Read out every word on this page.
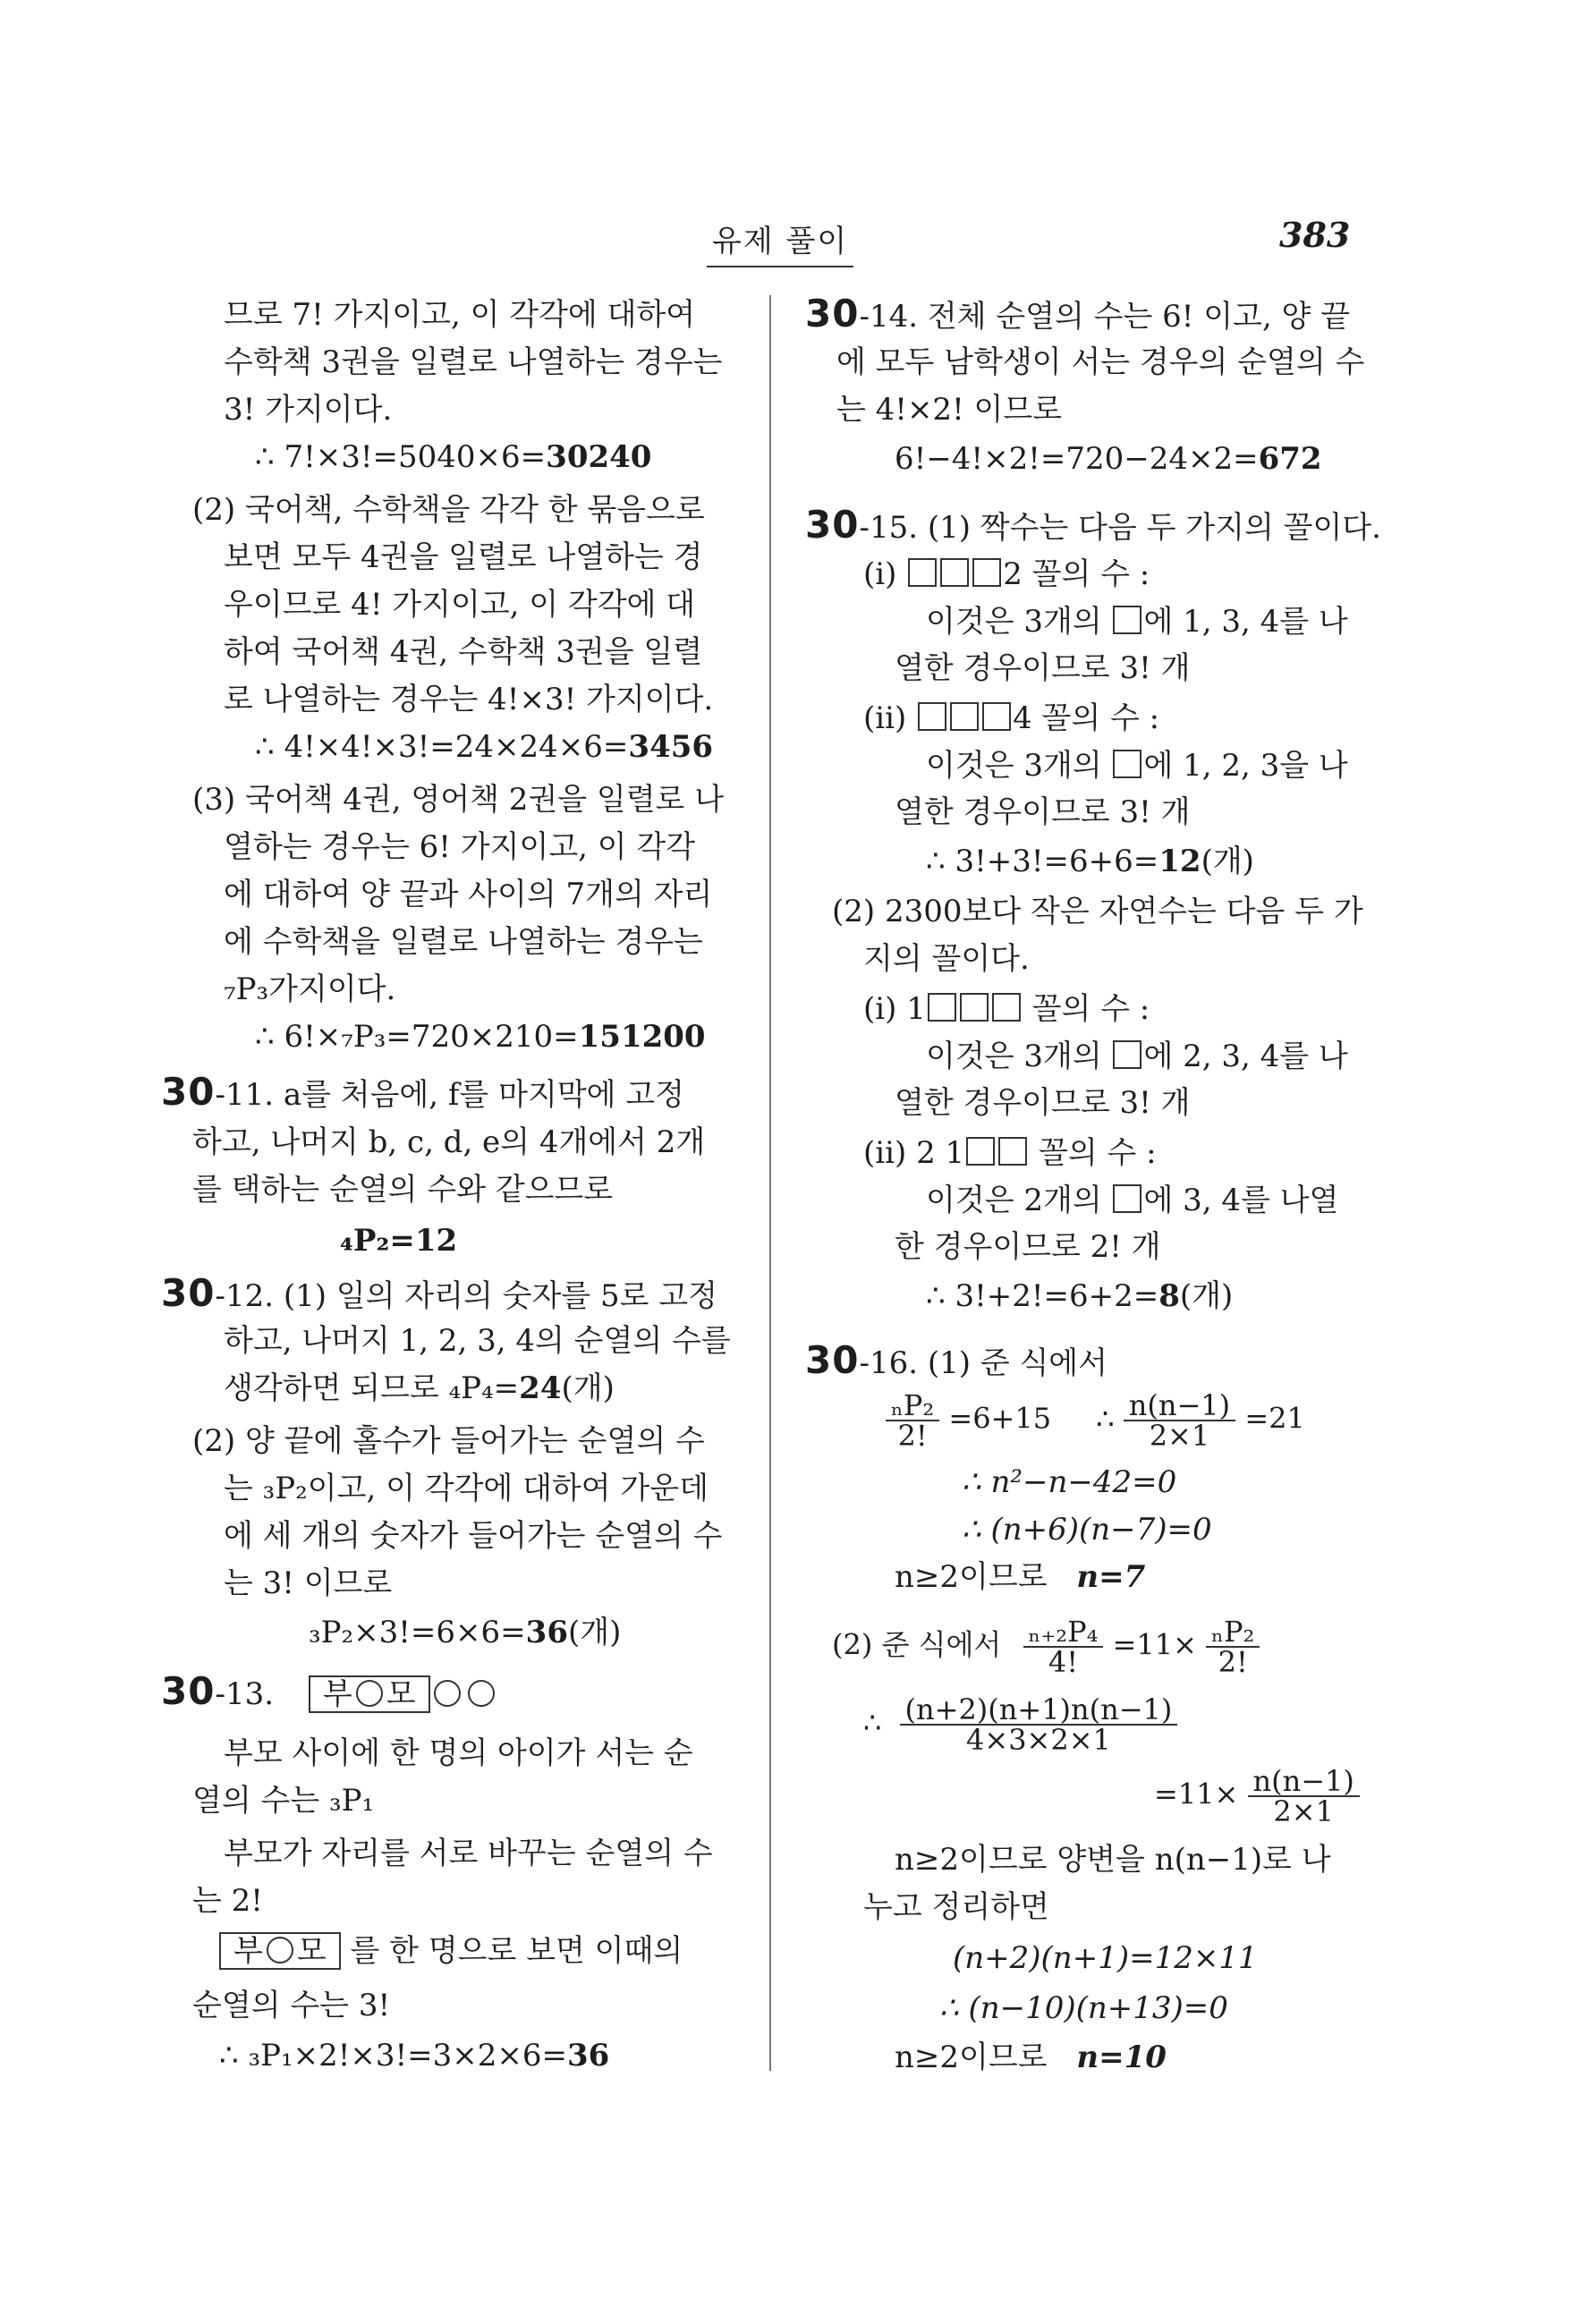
유제 풀이	383
므로 7! 가지이고, 이 각각에 대하여
수학책 3권을 일렬로 나열하는 경우는
3! 가지이다.
∴ 7!×3!=5040×6=30240
(2) 국어책, 수학책을 각각 한 묶음으로
보면 모두 4권을 일렬로 나열하는 경
우이므로 4! 가지이고, 이 각각에 대
하여 국어책 4권, 수학책 3권을 일렬
로 나열하는 경우는 4!×3! 가지이다.
∴ 4!×4!×3!=24×24×6=3456
(3) 국어책 4권, 영어책 2권을 일렬로 나
열하는 경우는 6! 가지이고, 이 각각
에 대하여 양 끝과 사이의 7개의 자리
에 수학책을 일렬로 나열하는 경우는
₇P₃가지이다.
∴ 6!×₇P₃=720×210=151200
30-11. a를 처음에, f를 마지막에 고정
하고, 나머지 b, c, d, e의 4개에서 2개
를 택하는 순열의 수와 같으므로
₄P₂=12
30-12. (1) 일의 자리의 숫자를 5로 고정
하고, 나머지 1, 2, 3, 4의 순열의 수를
생각하면 되므로 ₄P₄=24(개)
(2) 양 끝에 홀수가 들어가는 순열의 수
는 ₃P₂이고, 이 각각에 대하여 가운데
에 세 개의 숫자가 들어가는 순열의 수
는 3! 이므로
₃P₂×3!=6×6=36(개)
30-13. 부 모
부모 사이에 한 명의 아이가 서는 순
열의 수는 ₃P₁
부모가 자리를 서로 바꾸는 순열의 수
는 2!
부 모 를 한 명으로 보면 이때의
순열의 수는 3!
∴ ₃P₁×2!×3!=3×2×6=36
30-14. 전체 순열의 수는 6! 이고, 양 끝
에 모두 남학생이 서는 경우의 순열의 수
는 4!×2! 이므로
6!−4!×2!=720−24×2=672
30-15. (1) 짝수는 다음 두 가지의 꼴이다.
(i)	2 꼴의 수 :
이것은 3개의 에 1, 3, 4를 나
열한 경우이므로 3! 개
(ii)	4 꼴의 수 :
이것은 3개의 에 1, 2, 3을 나
열한 경우이므로 3! 개
∴ 3!+3!=6+6=12(개)
(2) 2300보다 작은 자연수는 다음 두 가
지의 꼴이다.
(i) 1	꼴의 수 :
이것은 3개의 에 2, 3, 4를 나
열한 경우이므로 3! 개
(ii) 2 1 꼴의 수 :
이것은 2개의 에 3, 4를 나열
한 경우이므로 2! 개
∴ 3!+2!=6+2=8(개)
30-16. (1) 준 식에서
$\frac{\text{ₙP₂}}{2!} =6+15$ ∴ $\frac{n(n-1)}{2\times 1} =21$
∴ n²−n−42=0
∴ (n+6)(n−7)=0
n≥2이므로 n=7
(2) 준 식에서 $\frac{\text{ₙ₊₂P₄}}{4!} =11\times \frac{\text{ₙP₂}}{2!}$
∴ $\frac{(n+2)(n+1)n(n-1)}{4\times 3\times 2\times 1}$
$=11\times \frac{n(n-1)}{2\times 1}$
n≥2이므로 양변을 n(n−1)로 나
누고 정리하면
(n+2)(n+1)=12×11
∴ (n−10)(n+13)=0
n≥2이므로 n=10
